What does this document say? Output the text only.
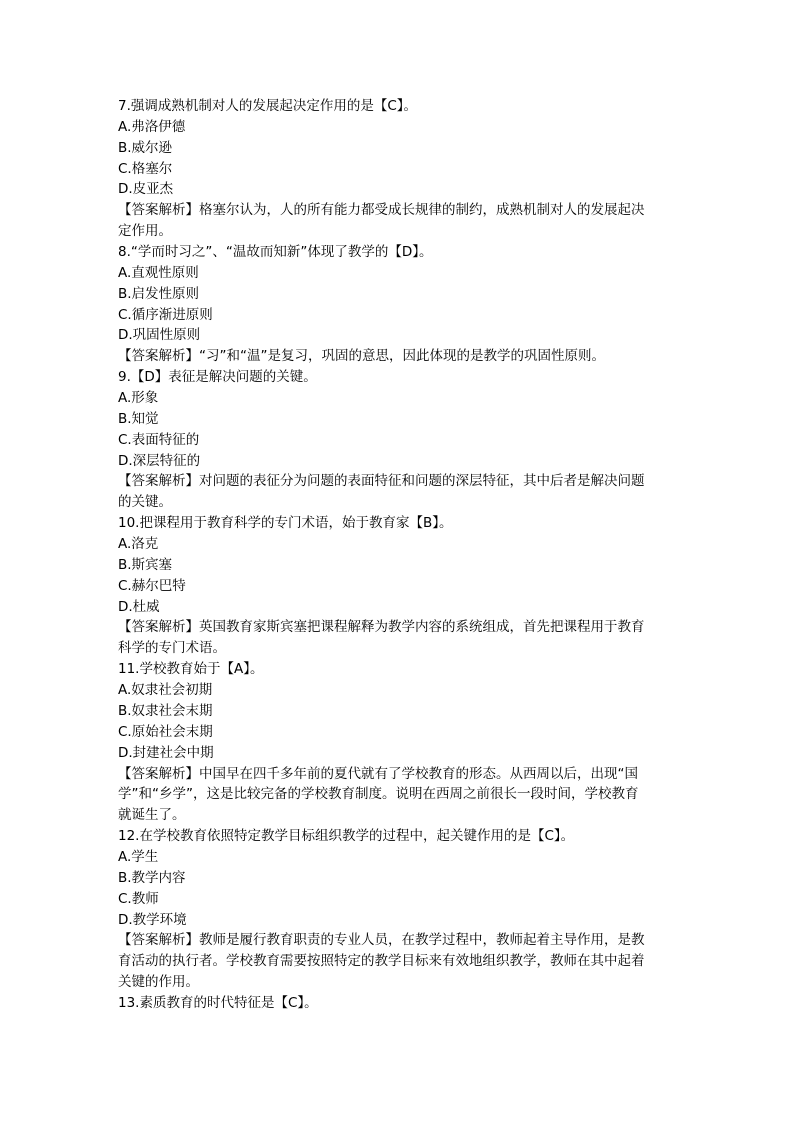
7.强调成熟机制对人的发展起决定作用的是【C】。
A.弗洛伊德
B.威尔逊
C.格塞尔
D.皮亚杰
【答案解析】格塞尔认为，人的所有能力都受成长规律的制约，成熟机制对人的发展起决
定作用。
8.“学而时习之”、“温故而知新”体现了教学的【D】。
A.直观性原则
B.启发性原则
C.循序渐进原则
D.巩固性原则
【答案解析】“习”和“温”是复习，巩固的意思，因此体现的是教学的巩固性原则。
9.【D】表征是解决问题的关键。
A.形象
B.知觉
C.表面特征的
D.深层特征的
【答案解析】对问题的表征分为问题的表面特征和问题的深层特征，其中后者是解决问题
的关键。
10.把课程用于教育科学的专门术语，始于教育家【B】。
A.洛克
B.斯宾塞
C.赫尔巴特
D.杜威
【答案解析】英国教育家斯宾塞把课程解释为教学内容的系统组成，首先把课程用于教育
科学的专门术语。
11.学校教育始于【A】。
A.奴隶社会初期
B.奴隶社会末期
C.原始社会末期
D.封建社会中期
【答案解析】中国早在四千多年前的夏代就有了学校教育的形态。从西周以后，出现“国
学”和“乡学”，这是比较完备的学校教育制度。说明在西周之前很长一段时间，学校教育
就诞生了。
12.在学校教育依照特定教学目标组织教学的过程中，起关键作用的是【C】。
A.学生
B.教学内容
C.教师
D.教学环境
【答案解析】教师是履行教育职责的专业人员，在教学过程中，教师起着主导作用，是教
育活动的执行者。学校教育需要按照特定的教学目标来有效地组织教学，教师在其中起着
关键的作用。
13.素质教育的时代特征是【C】。
